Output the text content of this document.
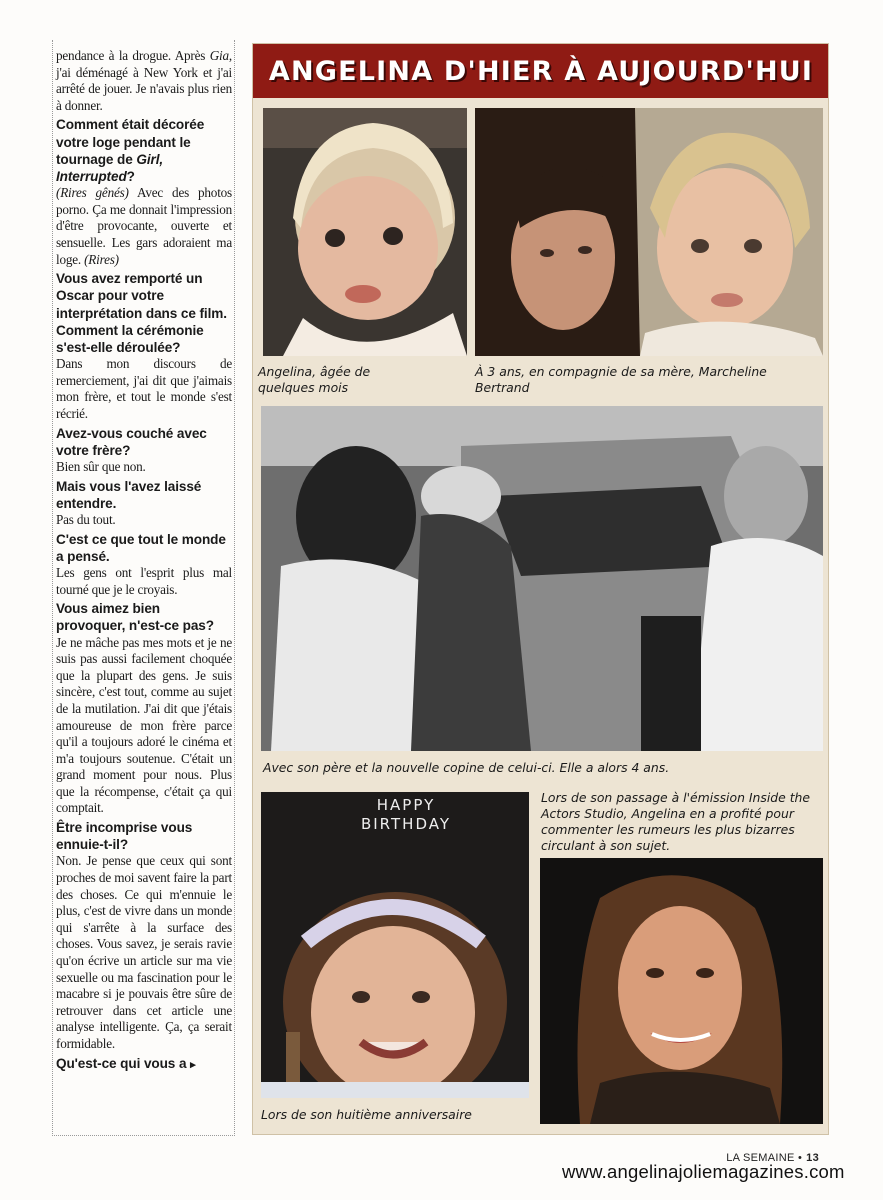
pendance à la drogue. Après Gia, j'ai déménagé à New York et j'ai arrêté de jouer. Je n'avais plus rien à donner.

Comment était décorée votre loge pendant le tournage de Girl, Interrupted?

(Rires gênés) Avec des photos porno. Ça me donnait l'impression d'être provocante, ouverte et sensuelle. Les gars adoraient ma loge. (Rires)

Vous avez remporté un Oscar pour votre interprétation dans ce film. Comment la cérémonie s'est-elle déroulée?

Dans mon discours de remerciement, j'ai dit que j'aimais mon frère, et tout le monde s'est récrié.

Avez-vous couché avec votre frère?

Bien sûr que non.

Mais vous l'avez laissé entendre.

Pas du tout.

C'est ce que tout le monde a pensé.

Les gens ont l'esprit plus mal tourné que je le croyais.

Vous aimez bien provoquer, n'est-ce pas?

Je ne mâche pas mes mots et je ne suis pas aussi facilement choquée que la plupart des gens. Je suis sincère, c'est tout, comme au sujet de la mutilation. J'ai dit que j'étais amoureuse de mon frère parce qu'il a toujours adoré le cinéma et m'a toujours soutenue. C'était un grand moment pour nous. Plus que la récompense, c'était ça qui comptait.

Être incomprise vous ennuie-t-il?

Non. Je pense que ceux qui sont proches de moi savent faire la part des choses. Ce qui m'ennuie le plus, c'est de vivre dans un monde qui s'arrête à la surface des choses. Vous savez, je serais ravie qu'on écrive un article sur ma vie sexuelle ou ma fascination pour le macabre si je pouvais être sûre de retrouver dans cet article une analyse intelligente. Ça, ça serait formidable.

Qu'est-ce qui vous a ▸

ANGELINA D'HIER À AUJOURD'HUI
Angelina, âgée de quelques mois
À 3 ans, en compagnie de sa mère, Marcheline Bertrand
Avec son père et la nouvelle copine de celui-ci. Elle a alors 4 ans.
HAPPY BIRTHDAY
Lors de son huitième anniversaire
Lors de son passage à l'émission Inside the Actors Studio, Angelina en a profité pour commenter les rumeurs les plus bizarres circulant à son sujet.
LA SEMAINE • 13
www.angelinajoliemagazines.com
